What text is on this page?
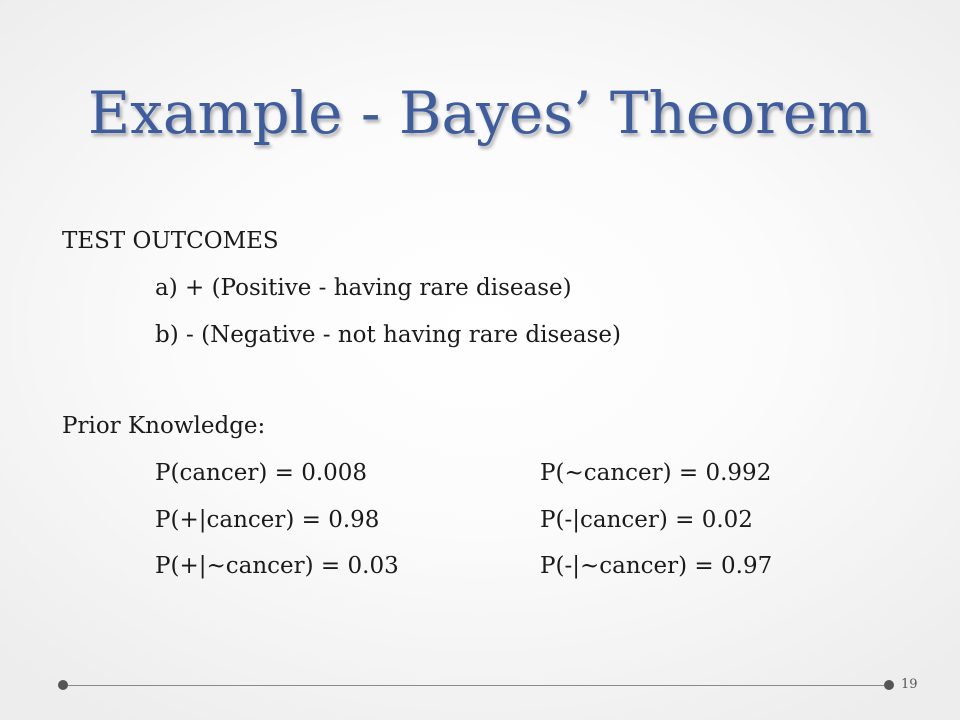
Example - Bayes’ Theorem
TEST OUTCOMES
a) + (Positive - having rare disease)
b) - (Negative - not having rare disease)
Prior Knowledge:
P(cancer) = 0.008	P(~cancer) = 0.992
P(+|cancer) = 0.98	P(-|cancer) = 0.02
P(+|~cancer) = 0.03	P(-|~cancer) = 0.97
19
